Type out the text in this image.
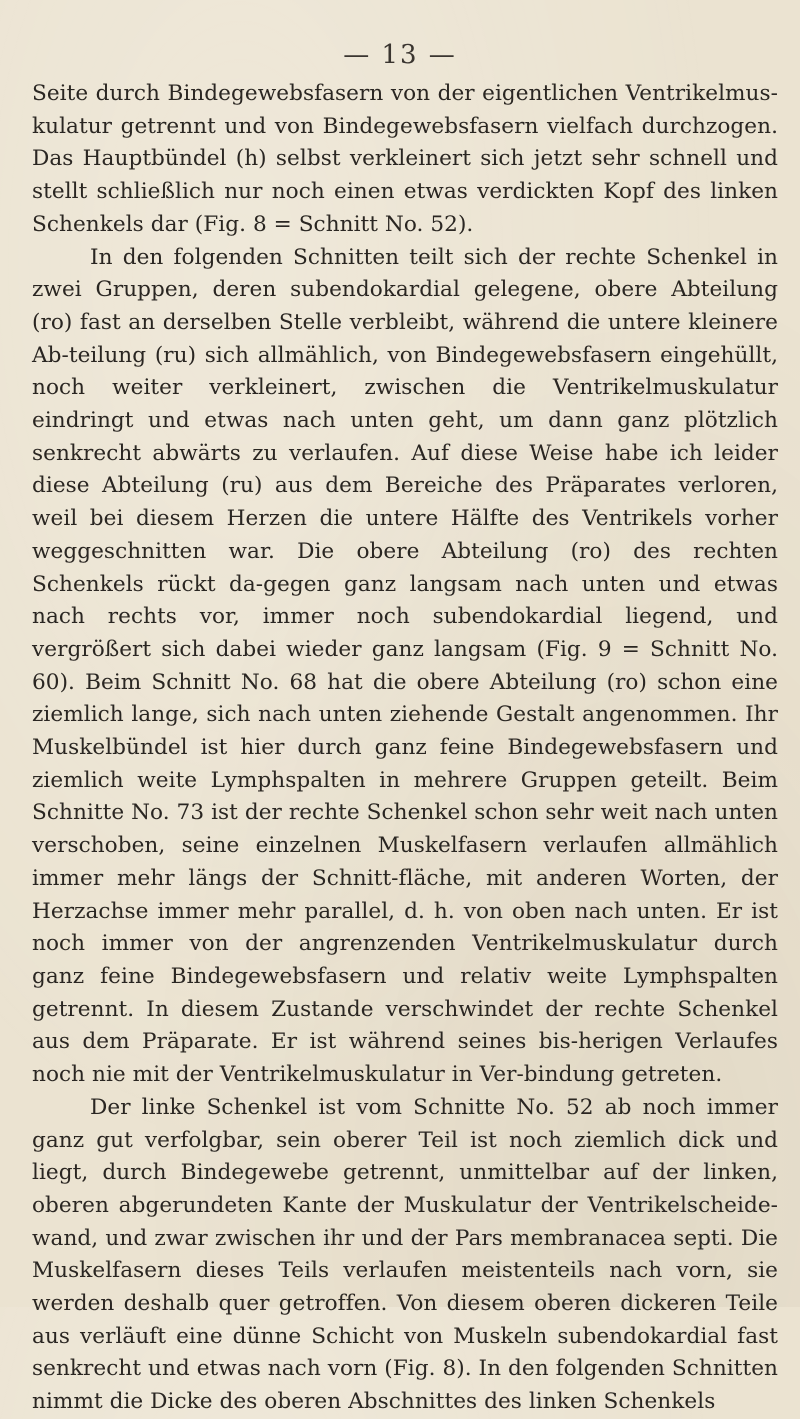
— 13 —

Seite durch Bindegewebsfasern von der eigentlichen Ventrikelmus-kulatur getrennt und von Bindegewebsfasern vielfach durchzogen. Das Hauptbündel (h) selbst verkleinert sich jetzt sehr schnell und stellt schließlich nur noch einen etwas verdickten Kopf des linken Schenkels dar (Fig. 8 = Schnitt No. 52).

In den folgenden Schnitten teilt sich der rechte Schenkel in zwei Gruppen, deren subendokardial gelegene, obere Abteilung (ro) fast an derselben Stelle verbleibt, während die untere kleinere Ab-teilung (ru) sich allmählich, von Bindegewebsfasern eingehüllt, noch weiter verkleinert, zwischen die Ventrikelmuskulatur eindringt und etwas nach unten geht, um dann ganz plötzlich senkrecht abwärts zu verlaufen. Auf diese Weise habe ich leider diese Abteilung (ru) aus dem Bereiche des Präparates verloren, weil bei diesem Herzen die untere Hälfte des Ventrikels vorher weggeschnitten war. Die obere Abteilung (ro) des rechten Schenkels rückt da-gegen ganz langsam nach unten und etwas nach rechts vor, immer noch subendokardial liegend, und vergrößert sich dabei wieder ganz langsam (Fig. 9 = Schnitt No. 60). Beim Schnitt No. 68 hat die obere Abteilung (ro) schon eine ziemlich lange, sich nach unten ziehende Gestalt angenommen. Ihr Muskelbündel ist hier durch ganz feine Bindegewebsfasern und ziemlich weite Lymphspalten in mehrere Gruppen geteilt. Beim Schnitte No. 73 ist der rechte Schenkel schon sehr weit nach unten verschoben, seine einzelnen Muskelfasern verlaufen allmählich immer mehr längs der Schnitt-fläche, mit anderen Worten, der Herzachse immer mehr parallel, d. h. von oben nach unten. Er ist noch immer von der angrenzenden Ventrikelmuskulatur durch ganz feine Bindegewebsfasern und relativ weite Lymphspalten getrennt. In diesem Zustande verschwindet der rechte Schenkel aus dem Präparate. Er ist während seines bis-herigen Verlaufes noch nie mit der Ventrikelmuskulatur in Ver-bindung getreten.

Der linke Schenkel ist vom Schnitte No. 52 ab noch immer ganz gut verfolgbar, sein oberer Teil ist noch ziemlich dick und liegt, durch Bindegewebe getrennt, unmittelbar auf der linken, oberen abgerundeten Kante der Muskulatur der Ventrikelscheide-wand, und zwar zwischen ihr und der Pars membranacea septi. Die Muskelfasern dieses Teils verlaufen meistenteils nach vorn, sie werden deshalb quer getroffen. Von diesem oberen dickeren Teile aus verläuft eine dünne Schicht von Muskeln subendokardial fast senkrecht und etwas nach vorn (Fig. 8). In den folgenden Schnitten nimmt die Dicke des oberen Abschnittes des linken Schenkels
